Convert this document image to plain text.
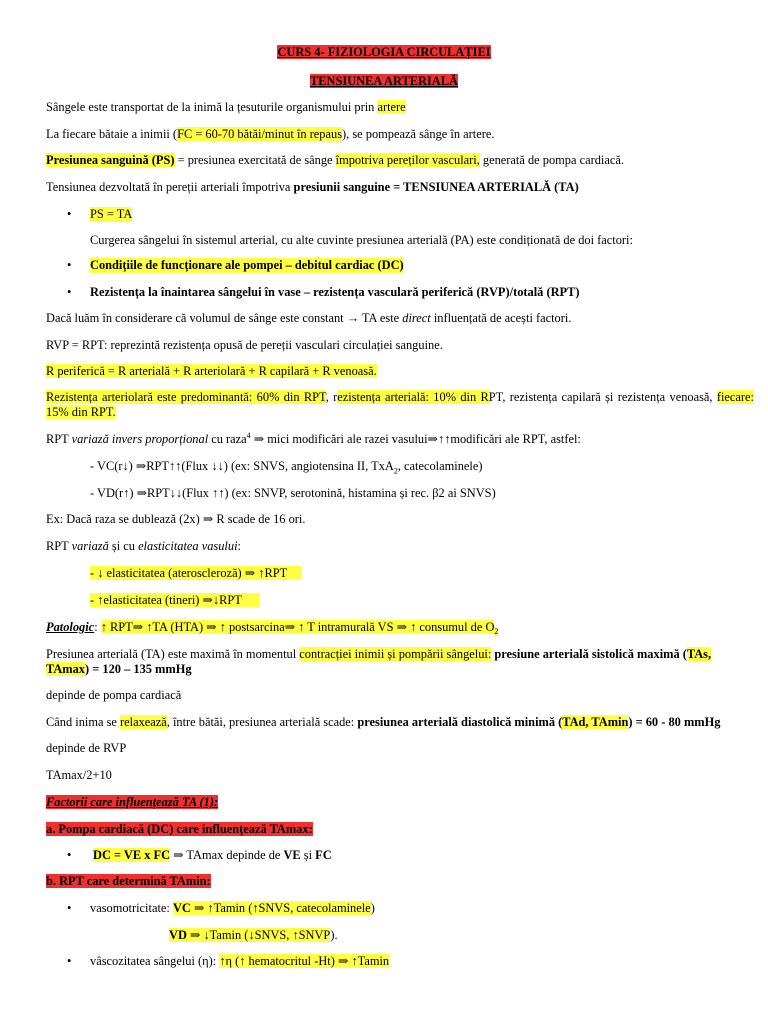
CURS 4- FIZIOLOGIA CIRCULAȚIEI
TENSIUNEA ARTERIALĂ
Sângele este transportat de la inimă la țesuturile organismului prin artere
La fiecare bătaie a inimii (FC = 60-70 bătăi/minut în repaus), se pompează sânge în artere.
Presiunea sanguină (PS) = presiunea exercitată de sânge împotriva pereților vasculari, generată de pompa cardiacă.
Tensiunea dezvoltată în pereții arteriali împotriva presiunii sanguine = TENSIUNEA ARTERIALĂ (TA)
• PS = TA
Curgerea sângelui în sistemul arterial, cu alte cuvinte presiunea arterială (PA) este condiționată de doi factori:
• Condițiile de funcționare ale pompei – debitul cardiac (DC)
• Rezistența la înaintarea sângelui în vase – rezistența vasculară periferică (RVP)/totală (RPT)
Dacă luăm în considerare că volumul de sânge este constant → TA este direct influențată de acești factori.
RVP = RPT: reprezintă rezistența opusă de pereții vasculari circulației sanguine.
R periferică = R arterială + R arteriolară + R capilară + R venoasă.
Rezistența arteriolară este predominantă: 60% din RPT, rezistența arterială: 10% din RPT, rezistența capilară și rezistența venoasă, fiecare: 15% din RPT.
RPT variază invers proporțional cu raza$^4$ ⇒ mici modificări ale razei vasului⇒↑↑modificări ale RPT, astfel:
- VC(r↓) ⇒RPT↑↑(Flux ↓↓) (ex: SNVS, angiotensina II, TxA$_2$, catecolaminele)
- VD(r↑) ⇒RPT↓↓(Flux ↑↑) (ex: SNVP, serotonină, histamina și rec. β2 ai SNVS)
Ex: Dacă raza se dublează (2x) ⇒ R scade de 16 ori.
RPT variază și cu elasticitatea vasului:
- ↓ elasticitatea (ateroscleroză) ⇒ ↑RPT
- ↑elasticitatea (tineri) ⇒↓RPT
Patologic: ↑ RPT⇒ ↑TA (HTA) ⇒ ↑ postsarcina⇒ ↑ T intramurală VS ⇒ ↑ consumul de $O_2$
Presiunea arterială (TA) este maximă în momentul contracției inimii și pompării sângelui: presiune arterială sistolică maximă (TAs,
TAmax) = 120 – 135 mmHg
depinde de pompa cardiacă
Când inima se relaxează, între bătăi, presiunea arterială scade: presiunea arterială diastolică minimă (TAd, TAmin) = 60 - 80 mmHg
depinde de RVP
TAmax/2+10
Factorii care influențează TA (1):
a. Pompa cardiacă (DC) care influențează TAmax:
• DC = VE x FC ⇒ TAmax depinde de VE și FC
b. RPT care determină TAmin:
• vasomotricitate: VC ⇒ ↑Tamin (↑SNVS, catecolaminele)
VD ⇒ ↓Tamin (↓SNVS, ↑SNVP).
• vâscozitatea sângelui (η): ↑η (↑ hematocritul -Ht) ⇒ ↑Tamin
